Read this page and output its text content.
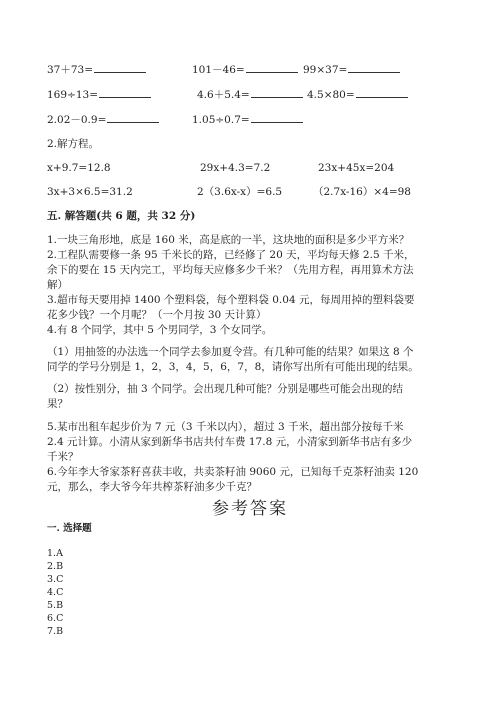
37＋73=	101－46=	99×37=
169÷13=	4.6＋5.4=	4.5×80=
2.02－0.9=	1.05÷0.7=
2.解方程。
x+9.7=12.8	29x+4.3=7.2	23x+45x=204
3x+3×6.5=31.2	2（3.6x-x）=6.5	（2.7x-16）×4=98
五. 解答题(共 6 题，共 32 分)
1.一块三角形地，底是 160 米，高是底的一半，这块地的面积是多少平方米？
2.工程队需要修一条 95 千米长的路，已经修了 20 天，平均每天修 2.5 千米，
余下的要在 15 天内完工，平均每天应修多少千米？（先用方程，再用算术方法
解）
3.超市每天要用掉 1400 个塑料袋，每个塑料袋 0.04 元，每周用掉的塑料袋要
花多少钱？一个月呢？（一个月按 30 天计算）
4.有 8 个同学，其中 5 个男同学，3 个女同学。
（1）用抽签的办法选一个同学去参加夏令营。有几种可能的结果？如果这 8 个
同学的学号分别是 1，2，3，4，5，6，7，8，请你写出所有可能出现的结果。
（2）按性别分，抽 3 个同学。会出现几种可能？分别是哪些可能会出现的结
果？
5.某市出租车起步价为 7 元（3 千米以内），超过 3 千米，超出部分按每千米
2.4 元计算。小清从家到新华书店共付车费 17.8 元，小清家到新华书店有多少
千米？
6.今年李大爷家茶籽喜获丰收，共卖茶籽油 9060 元，已知每千克茶籽油卖 120
元，那么，李大爷今年共榨茶籽油多少千克？
参考答案
一. 选择题
1.A
2.B
3.C
4.C
5.B
6.C
7.B
